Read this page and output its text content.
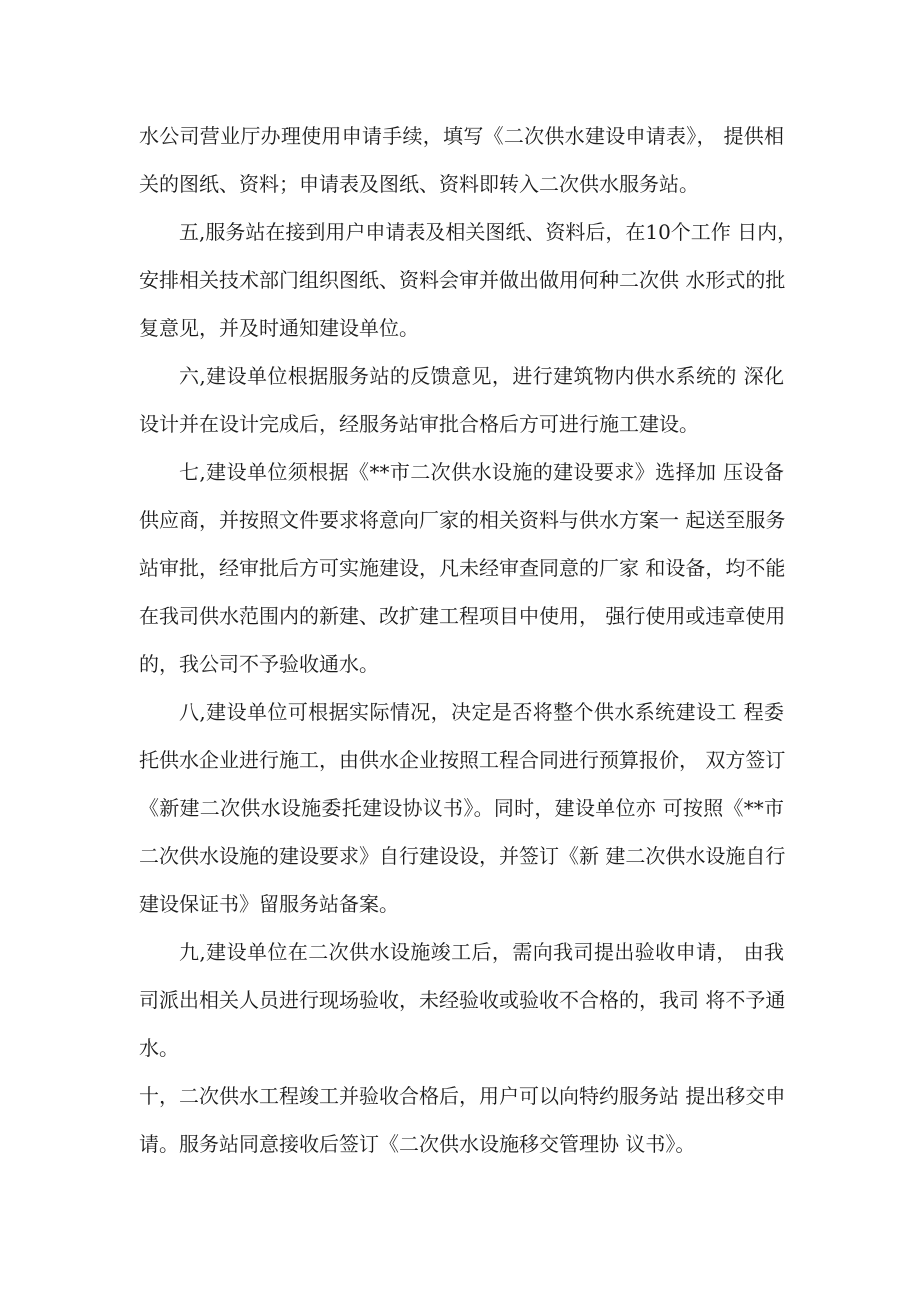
水公司营业厅办理使用申请手续，填写《二次供水建设申请表》， 提供相
关的图纸、资料；申请表及图纸、资料即转入二次供水服务站。
五,服务站在接到用户申请表及相关图纸、资料后，在10个工作 日内，
安排相关技术部门组织图纸、资料会审并做出做用何种二次供 水形式的批
复意见，并及时通知建设单位。
六,建设单位根据服务站的反馈意见，进行建筑物内供水系统的 深化
设计并在设计完成后，经服务站审批合格后方可进行施工建设。
七,建设单位须根据《**市二次供水设施的建设要求》选择加 压设备
供应商，并按照文件要求将意向厂家的相关资料与供水方案一 起送至服务
站审批，经审批后方可实施建设，凡未经审查同意的厂家 和设备，均不能
在我司供水范围内的新建、改扩建工程项目中使用， 强行使用或违章使用
的，我公司不予验收通水。
八,建设单位可根据实际情况，决定是否将整个供水系统建设工 程委
托供水企业进行施工，由供水企业按照工程合同进行预算报价， 双方签订
《新建二次供水设施委托建设协议书》。同时，建设单位亦 可按照《**市
二次供水设施的建设要求》自行建设设，并签订《新 建二次供水设施自行
建设保证书》留服务站备案。
九,建设单位在二次供水设施竣工后，需向我司提出验收申请， 由我
司派出相关人员进行现场验收，未经验收或验收不合格的，我司 将不予通
水。
十，二次供水工程竣工并验收合格后，用户可以向特约服务站 提出移交申
请。服务站同意接收后签订《二次供水设施移交管理协 议书》。
